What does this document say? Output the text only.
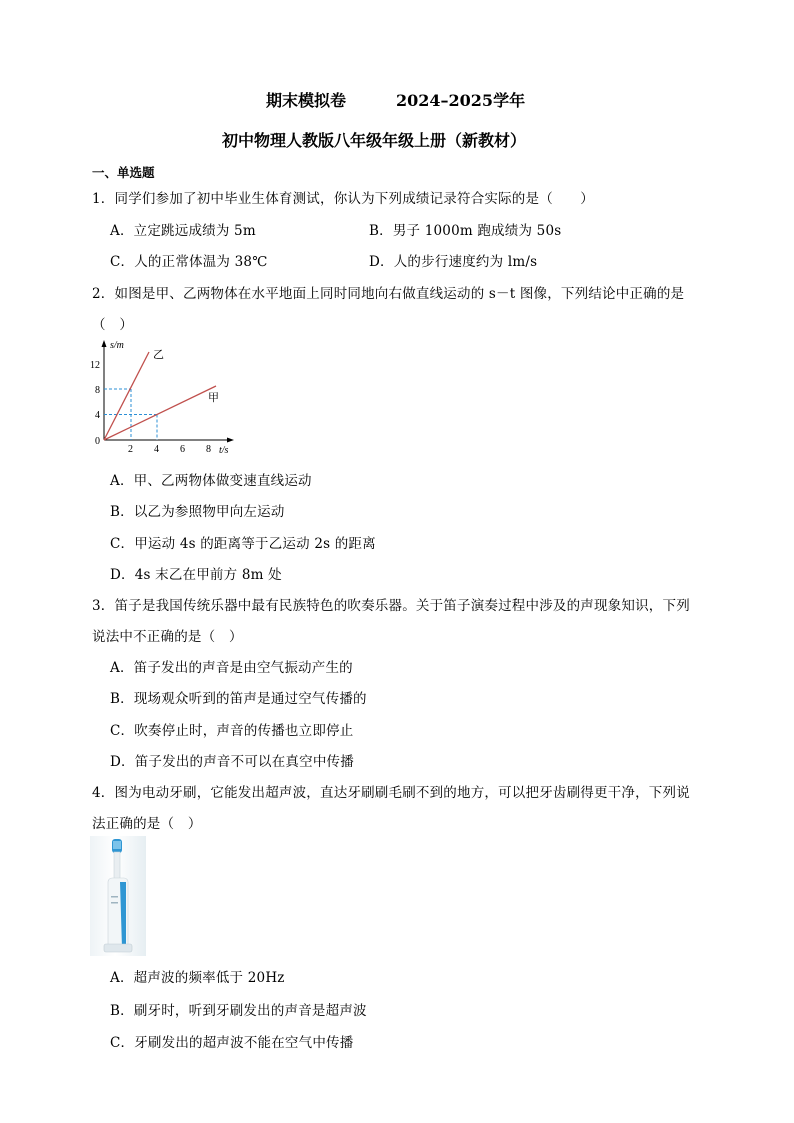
期末模拟卷	2024–2025学年
初中物理人教版八年级年级上册（新教材）
一、单选题
1．同学们参加了初中毕业生体育测试，你认为下列成绩记录符合实际的是（　　）
A．立定跳远成绩为 5m	B．男子 1000m 跑成绩为 50s
C．人的正常体温为 38℃	D．人的步行速度约为 lm/s
2．如图是甲、乙两物体在水平地面上同时同地向右做直线运动的 s－t 图像，下列结论中正确的是
（　）
s/m
t/s
0
12
8
4
2 4 6 8
乙
甲
A．甲、乙两物体做变速直线运动
B．以乙为参照物甲向左运动
C．甲运动 4s 的距离等于乙运动 2s 的距离
D．4s 末乙在甲前方 8m 处
3．笛子是我国传统乐器中最有民族特色的吹奏乐器。关于笛子演奏过程中涉及的声现象知识，下列
说法中不正确的是（　）
A．笛子发出的声音是由空气振动产生的
B．现场观众听到的笛声是通过空气传播的
C．吹奏停止时，声音的传播也立即停止
D．笛子发出的声音不可以在真空中传播
4．图为电动牙刷，它能发出超声波，直达牙刷刷毛刷不到的地方，可以把牙齿刷得更干净，下列说
法正确的是（　）
A．超声波的频率低于 20Hz
B．刷牙时，听到牙刷发出的声音是超声波
C．牙刷发出的超声波不能在空气中传播
